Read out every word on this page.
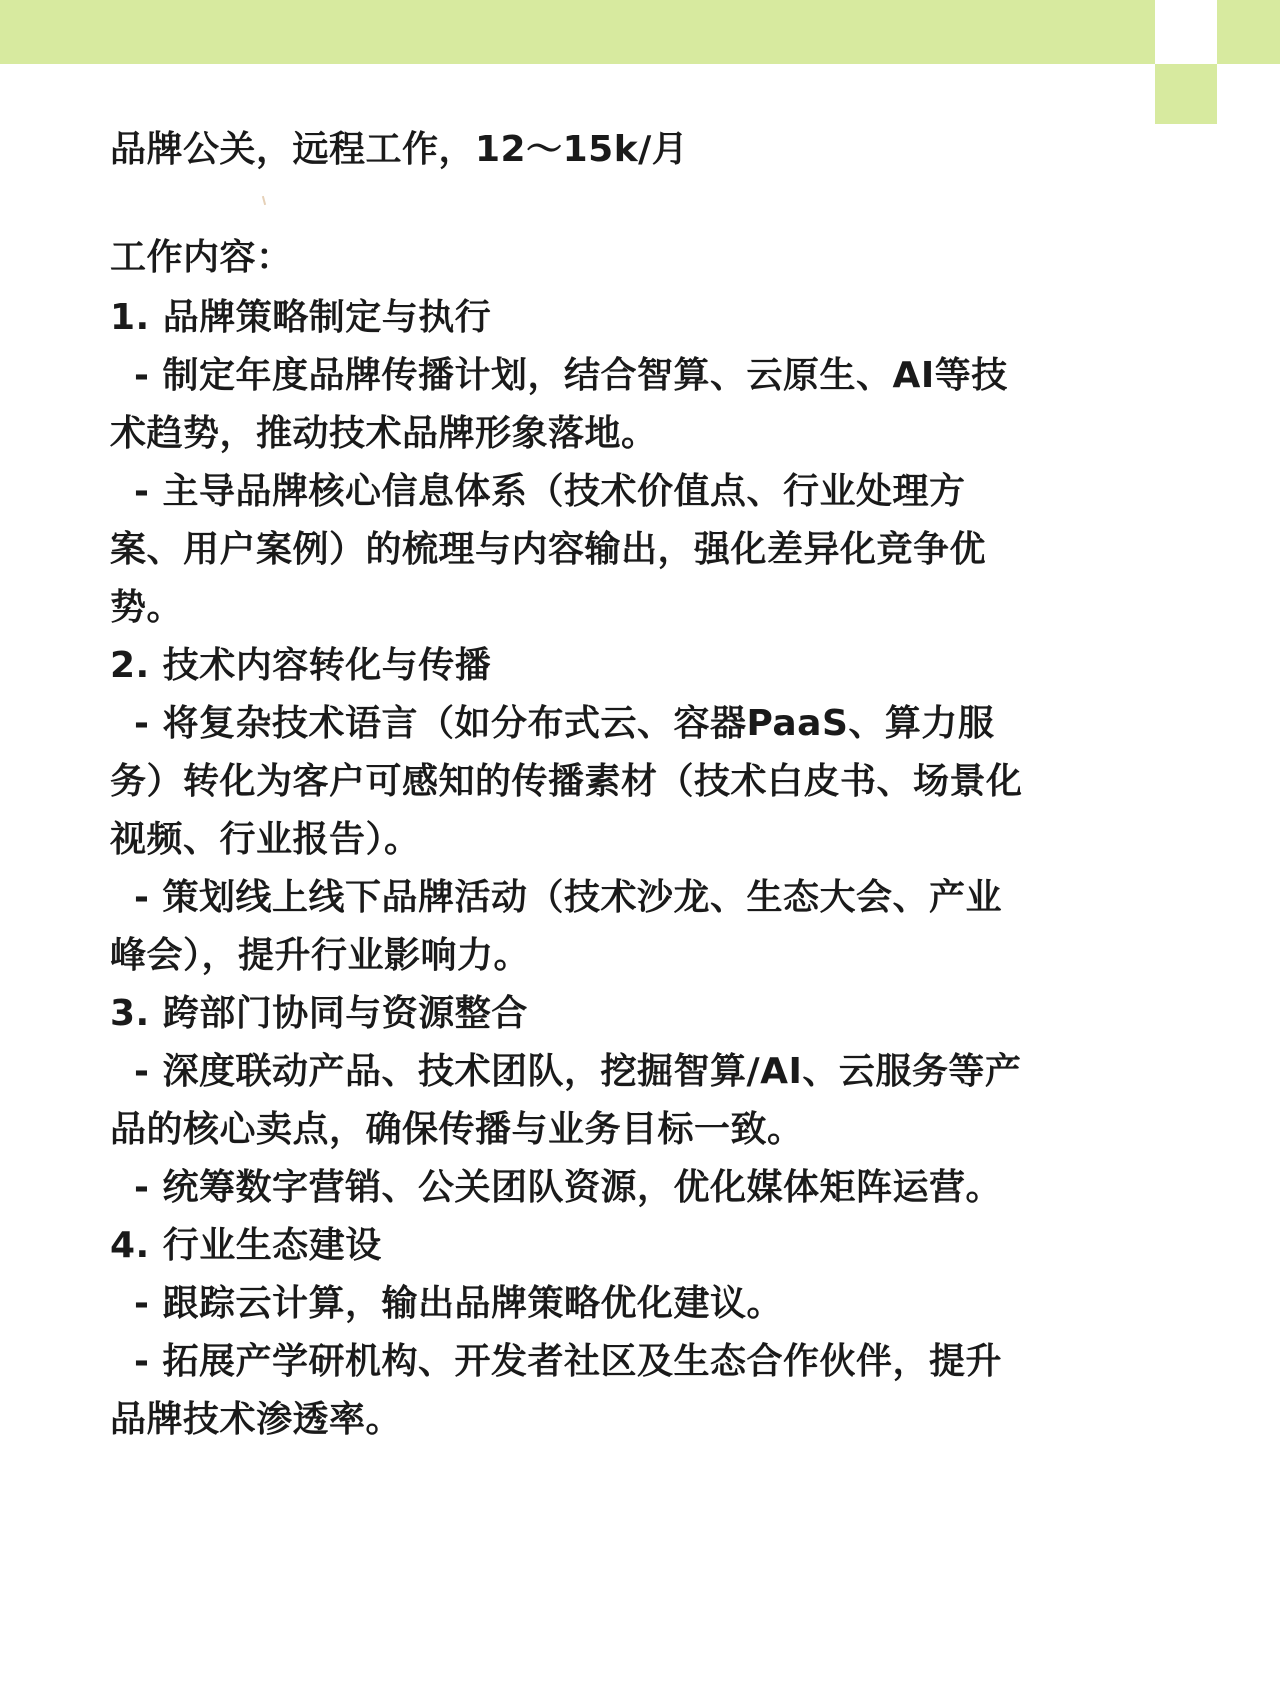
品牌公关，远程工作，12～15k/月
工作内容：
1. 品牌策略制定与执行
- 制定年度品牌传播计划，结合智算、云原生、AI等技
术趋势，推动技术品牌形象落地。
- 主导品牌核心信息体系（技术价值点、行业处理方
案、用户案例）的梳理与内容输出，强化差异化竞争优
势。
2. 技术内容转化与传播
- 将复杂技术语言（如分布式云、容器PaaS、算力服
务）转化为客户可感知的传播素材（技术白皮书、场景化
视频、行业报告）。
- 策划线上线下品牌活动（技术沙龙、生态大会、产业
峰会），提升行业影响力。
3. 跨部门协同与资源整合
- 深度联动产品、技术团队，挖掘智算/AI、云服务等产
品的核心卖点，确保传播与业务目标一致。
- 统筹数字营销、公关团队资源，优化媒体矩阵运营。
4. 行业生态建设
- 跟踪云计算，输出品牌策略优化建议。
- 拓展产学研机构、开发者社区及生态合作伙伴，提升
品牌技术渗透率。
